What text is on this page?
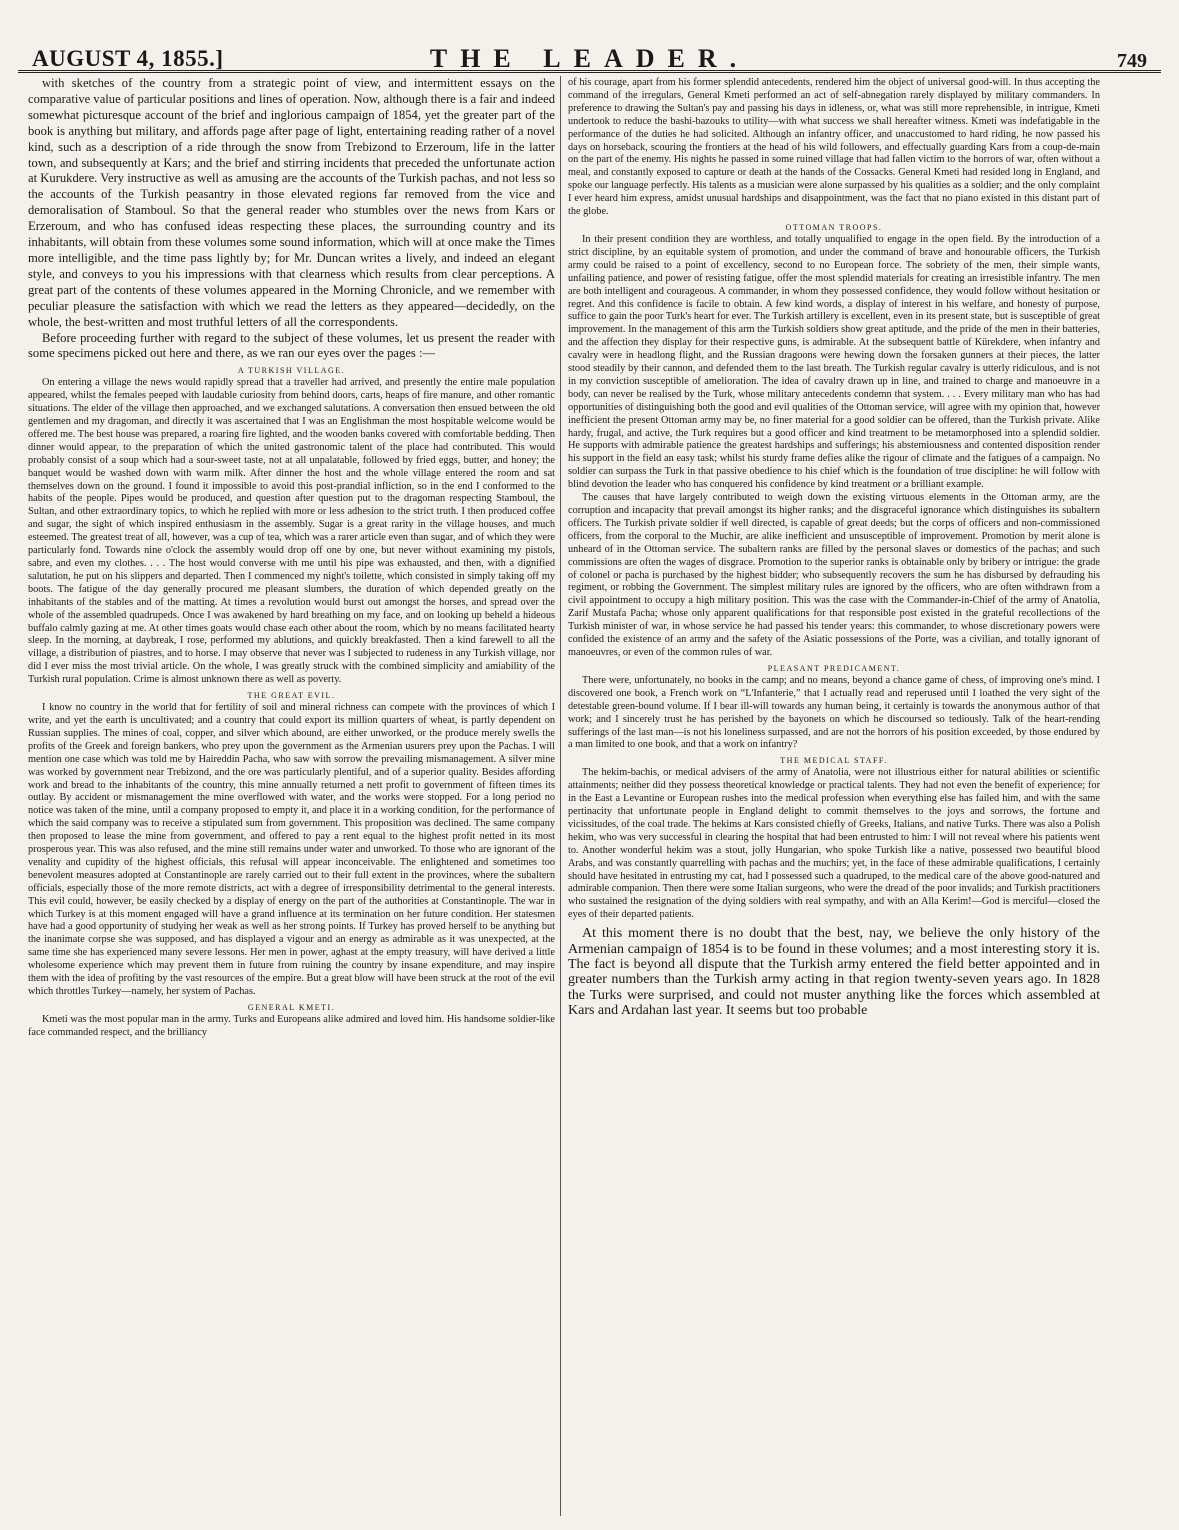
AUGUST 4, 1855.]	THE LEADER.	749

with sketches of the country from a strategic point of view, and intermittent essays on the comparative value of particular positions and lines of operation. Now, although there is a fair and indeed somewhat picturesque account of the brief and inglorious campaign of 1854, yet the greater part of the book is anything but military, and affords page after page of light, entertaining reading rather of a novel kind, such as a description of a ride through the snow from Trebizond to Erzeroum, life in the latter town, and subsequently at Kars; and the brief and stirring incidents that preceded the unfortunate action at Kurukdere. Very instructive as well as amusing are the accounts of the Turkish pachas, and not less so the accounts of the Turkish peasantry in those elevated regions far removed from the vice and demoralisation of Stamboul. So that the general reader who stumbles over the news from Kars or Erzeroum, and who has confused ideas respecting these places, the surrounding country and its inhabitants, will obtain from these volumes some sound information, which will at once make the Times more intelligible, and the time pass lightly by; for Mr. Duncan writes a lively, and indeed an elegant style, and conveys to you his impressions with that clearness which results from clear perceptions. A great part of the contents of these volumes appeared in the Morning Chronicle, and we remember with peculiar pleasure the satisfaction with which we read the letters as they appeared—decidedly, on the whole, the best-written and most truthful letters of all the correspondents.

Before proceeding further with regard to the subject of these volumes, let us present the reader with some specimens picked out here and there, as we ran our eyes over the pages :—

A TURKISH VILLAGE.

On entering a village the news would rapidly spread that a traveller had arrived, and presently the entire male population appeared, whilst the females peeped with laudable curiosity from behind doors, carts, heaps of fire manure, and other romantic situations. The elder of the village then approached, and we exchanged salutations. A conversation then ensued between the old gentlemen and my dragoman, and directly it was ascertained that I was an Englishman the most hospitable welcome would be offered me. The best house was prepared, a roaring fire lighted, and the wooden banks covered with comfortable bedding. Then dinner would appear, to the preparation of which the united gastronomic talent of the place had contributed. This would probably consist of a soup which had a sour-sweet taste, not at all unpalatable, followed by fried eggs, butter, and honey; the banquet would be washed down with warm milk. After dinner the host and the whole village entered the room and sat themselves down on the ground. I found it impossible to avoid this post-prandial infliction, so in the end I conformed to the habits of the people. Pipes would be produced, and question after question put to the dragoman respecting Stamboul, the Sultan, and other extraordinary topics, to which he replied with more or less adhesion to the strict truth. I then produced coffee and sugar, the sight of which inspired enthusiasm in the assembly. Sugar is a great rarity in the village houses, and much esteemed. The greatest treat of all, however, was a cup of tea, which was a rarer article even than sugar, and of which they were particularly fond. Towards nine o'clock the assembly would drop off one by one, but never without examining my pistols, sabre, and even my clothes. . . . The host would converse with me until his pipe was exhausted, and then, with a dignified salutation, he put on his slippers and departed. Then I commenced my night's toilette, which consisted in simply taking off my boots. The fatigue of the day generally procured me pleasant slumbers, the duration of which depended greatly on the inhabitants of the stables and of the matting. At times a revolution would burst out amongst the horses, and spread over the whole of the assembled quadrupeds. Once I was awakened by hard breathing on my face, and on looking up beheld a hideous buffalo calmly gazing at me. At other times goats would chase each other about the room, which by no means facilitated hearty sleep. In the morning, at daybreak, I rose, performed my ablutions, and quickly breakfasted. Then a kind farewell to all the village, a distribution of piastres, and to horse. I may observe that never was I subjected to rudeness in any Turkish village, nor did I ever miss the most trivial article. On the whole, I was greatly struck with the combined simplicity and amiability of the Turkish rural population. Crime is almost unknown there as well as poverty.

THE GREAT EVIL.

I know no country in the world that for fertility of soil and mineral richness can compete with the provinces of which I write, and yet the earth is uncultivated; and a country that could export its million quarters of wheat, is partly dependent on Russian supplies. The mines of coal, copper, and silver which abound, are either unworked, or the produce merely swells the profits of the Greek and foreign bankers, who prey upon the government as the Armenian usurers prey upon the Pachas. I will mention one case which was told me by Haireddin Pacha, who saw with sorrow the prevailing mismanagement. A silver mine was worked by government near Trebizond, and the ore was particularly plentiful, and of a superior quality. Besides affording work and bread to the inhabitants of the country, this mine annually returned a nett profit to government of fifteen times its outlay. By accident or mismanagement the mine overflowed with water, and the works were stopped. For a long period no notice was taken of the mine, until a company proposed to empty it, and place it in a working condition, for the performance of which the said company was to receive a stipulated sum from government. This proposition was declined. The same company then proposed to lease the mine from government, and offered to pay a rent equal to the highest profit netted in its most prosperous year. This was also refused, and the mine still remains under water and unworked. To those who are ignorant of the venality and cupidity of the highest officials, this refusal will appear inconceivable. The enlightened and sometimes too benevolent measures adopted at Constantinople are rarely carried out to their full extent in the provinces, where the subaltern officials, especially those of the more remote districts, act with a degree of irresponsibility detrimental to the general interests. This evil could, however, be easily checked by a display of energy on the part of the authorities at Constantinople. The war in which Turkey is at this moment engaged will have a grand influence at its termination on her future condition. Her statesmen have had a good opportunity of studying her weak as well as her strong points. If Turkey has proved herself to be anything but the inanimate corpse she was supposed, and has displayed a vigour and an energy as admirable as it was unexpected, at the same time she has experienced many severe lessons. Her men in power, aghast at the empty treasury, will have derived a little wholesome experience which may prevent them in future from ruining the country by insane expenditure, and may inspire them with the idea of profiting by the vast resources of the empire. But a great blow will have been struck at the root of the evil which throttles Turkey—namely, her system of Pachas.

GENERAL KMETI.

Kmeti was the most popular man in the army. Turks and Europeans alike admired and loved him. His handsome soldier-like face commanded respect, and the brilliancy

of his courage, apart from his former splendid antecedents, rendered him the object of universal good-will. In thus accepting the command of the irregulars, General Kmeti performed an act of self-abnegation rarely displayed by military commanders. In preference to drawing the Sultan's pay and passing his days in idleness, or, what was still more reprehensible, in intrigue, Kmeti undertook to reduce the bashi-bazouks to utility—with what success we shall hereafter witness. Kmeti was indefatigable in the performance of the duties he had solicited. Although an infantry officer, and unaccustomed to hard riding, he now passed his days on horseback, scouring the frontiers at the head of his wild followers, and effectually guarding Kars from a coup-de-main on the part of the enemy. His nights he passed in some ruined village that had fallen victim to the horrors of war, often without a meal, and constantly exposed to capture or death at the hands of the Cossacks. General Kmeti had resided long in England, and spoke our language perfectly. His talents as a musician were alone surpassed by his qualities as a soldier; and the only complaint I ever heard him express, amidst unusual hardships and disappointment, was the fact that no piano existed in this distant part of the globe.

OTTOMAN TROOPS.

In their present condition they are worthless, and totally unqualified to engage in the open field. By the introduction of a strict discipline, by an equitable system of promotion, and under the command of brave and honourable officers, the Turkish army could be raised to a point of excellency, second to no European force. The sobriety of the men, their simple wants, unfailing patience, and power of resisting fatigue, offer the most splendid materials for creating an irresistible infantry. The men are both intelligent and courageous. A commander, in whom they possessed confidence, they would follow without hesitation or regret. And this confidence is facile to obtain. A few kind words, a display of interest in his welfare, and honesty of purpose, suffice to gain the poor Turk's heart for ever. The Turkish artillery is excellent, even in its present state, but is susceptible of great improvement. In the management of this arm the Turkish soldiers show great aptitude, and the pride of the men in their batteries, and the affection they display for their respective guns, is admirable. At the subsequent battle of Kürekdere, when infantry and cavalry were in headlong flight, and the Russian dragoons were hewing down the forsaken gunners at their pieces, the latter stood steadily by their cannon, and defended them to the last breath. The Turkish regular cavalry is utterly ridiculous, and is not in my conviction susceptible of amelioration. The idea of cavalry drawn up in line, and trained to charge and manoeuvre in a body, can never be realised by the Turk, whose military antecedents condemn that system. . . . Every military man who has had opportunities of distinguishing both the good and evil qualities of the Ottoman service, will agree with my opinion that, however inefficient the present Ottoman army may be, no finer material for a good soldier can be offered, than the Turkish private. Alike hardy, frugal, and active, the Turk requires but a good officer and kind treatment to be metamorphosed into a splendid soldier. He supports with admirable patience the greatest hardships and sufferings; his abstemiousness and contented disposition render his support in the field an easy task; whilst his sturdy frame defies alike the rigour of climate and the fatigues of a campaign. No soldier can surpass the Turk in that passive obedience to his chief which is the foundation of true discipline: he will follow with blind devotion the leader who has conquered his confidence by kind treatment or a brilliant example.

The causes that have largely contributed to weigh down the existing virtuous elements in the Ottoman army, are the corruption and incapacity that prevail amongst its higher ranks; and the disgraceful ignorance which distinguishes its subaltern officers. The Turkish private soldier if well directed, is capable of great deeds; but the corps of officers and non-commissioned officers, from the corporal to the Muchir, are alike inefficient and unsusceptible of improvement. Promotion by merit alone is unheard of in the Ottoman service. The subaltern ranks are filled by the personal slaves or domestics of the pachas; and such commissions are often the wages of disgrace. Promotion to the superior ranks is obtainable only by bribery or intrigue: the grade of colonel or pacha is purchased by the highest bidder; who subsequently recovers the sum he has disbursed by defrauding his regiment, or robbing the Government. The simplest military rules are ignored by the officers, who are often withdrawn from a civil appointment to occupy a high military position. This was the case with the Commander-in-Chief of the army of Anatolia, Zarif Mustafa Pacha; whose only apparent qualifications for that responsible post existed in the grateful recollections of the Turkish minister of war, in whose service he had passed his tender years: this commander, to whose discretionary powers were confided the existence of an army and the safety of the Asiatic possessions of the Porte, was a civilian, and totally ignorant of manoeuvres, or even of the common rules of war.

PLEASANT PREDICAMENT.

There were, unfortunately, no books in the camp; and no means, beyond a chance game of chess, of improving one's mind. I discovered one book, a French work on “L'Infanterie,” that I actually read and reperused until I loathed the very sight of the detestable green-bound volume. If I bear ill-will towards any human being, it certainly is towards the anonymous author of that work; and I sincerely trust he has perished by the bayonets on which he discoursed so tediously. Talk of the heart-rending sufferings of the last man—is not his loneliness surpassed, and are not the horrors of his position exceeded, by those endured by a man limited to one book, and that a work on infantry?

THE MEDICAL STAFF.

The hekim-bachis, or medical advisers of the army of Anatolia, were not illustrious either for natural abilities or scientific attainments; neither did they possess theoretical knowledge or practical talents. They had not even the benefit of experience; for in the East a Levantine or European rushes into the medical profession when everything else has failed him, and with the same pertinacity that unfortunate people in England delight to commit themselves to the joys and sorrows, the fortune and vicissitudes, of the coal trade. The hekims at Kars consisted chiefly of Greeks, Italians, and native Turks. There was also a Polish hekim, who was very successful in clearing the hospital that had been entrusted to him: I will not reveal where his patients went to. Another wonderful hekim was a stout, jolly Hungarian, who spoke Turkish like a native, possessed two beautiful blood Arabs, and was constantly quarrelling with pachas and the muchirs; yet, in the face of these admirable qualifications, I certainly should have hesitated in entrusting my cat, had I possessed such a quadruped, to the medical care of the above good-natured and admirable companion. Then there were some Italian surgeons, who were the dread of the poor invalids; and Turkish practitioners who sustained the resignation of the dying soldiers with real sympathy, and with an Alla Kerim!—God is merciful—closed the eyes of their departed patients.

At this moment there is no doubt that the best, nay, we believe the only history of the Armenian campaign of 1854 is to be found in these volumes; and a most interesting story it is. The fact is beyond all dispute that the Turkish army entered the field better appointed and in greater numbers than the Turkish army acting in that region twenty-seven years ago. In 1828 the Turks were surprised, and could not muster anything like the forces which assembled at Kars and Ardahan last year. It seems but too probable
